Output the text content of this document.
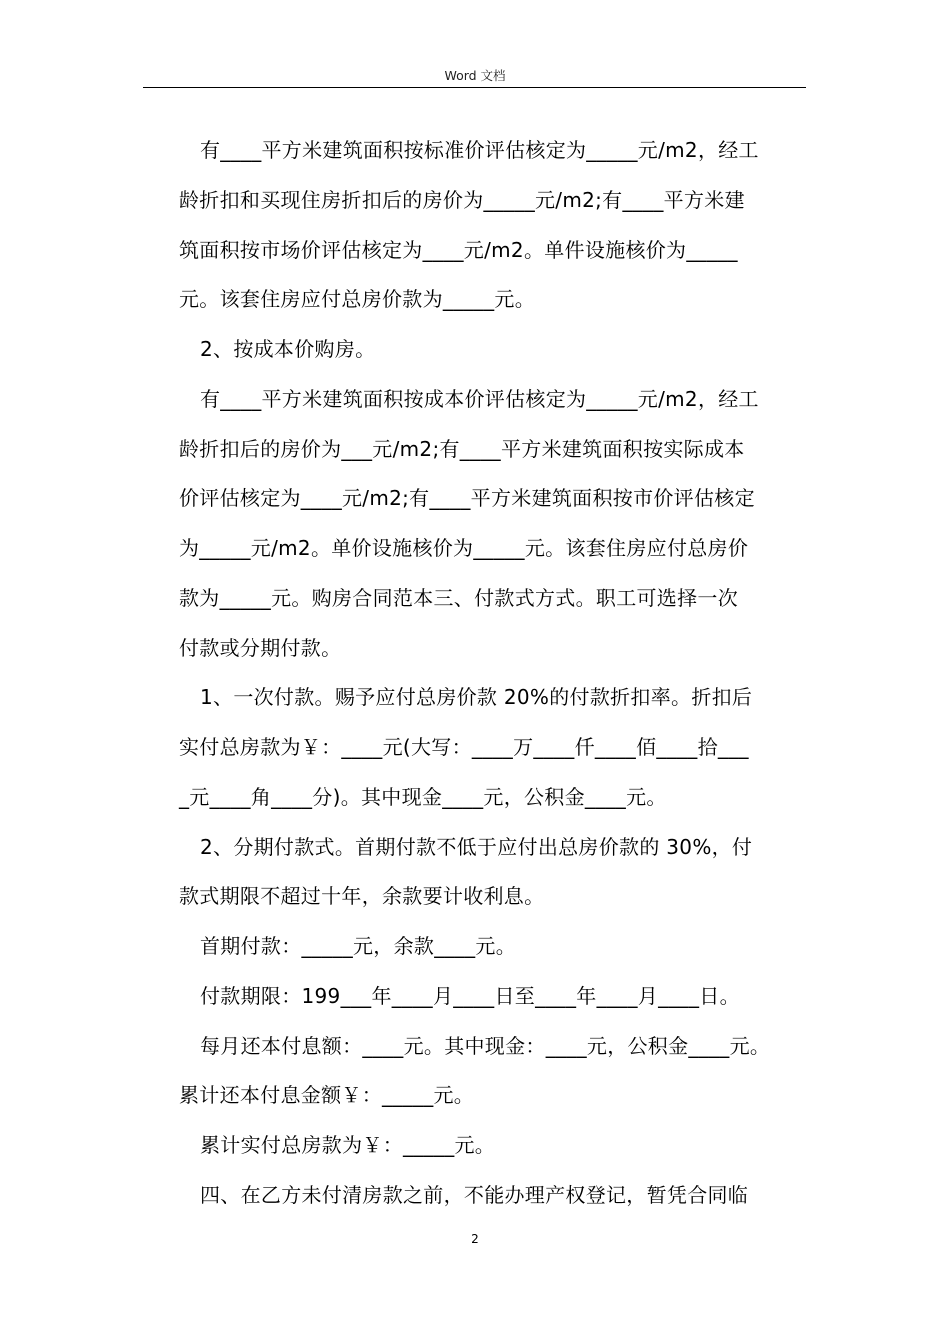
Word 文档
有____平方米建筑面积按标准价评估核定为_____元/m2，经工
龄折扣和买现住房折扣后的房价为_____元/m2;有____平方米建
筑面积按市场价评估核定为____元/m2。单件设施核价为_____
元。该套住房应付总房价款为_____元。
2、按成本价购房。
有____平方米建筑面积按成本价评估核定为_____元/m2，经工
龄折扣后的房价为___元/m2;有____平方米建筑面积按实际成本
价评估核定为____元/m2;有____平方米建筑面积按市价评估核定
为_____元/m2。单价设施核价为_____元。该套住房应付总房价
款为_____元。购房合同范本三、付款式方式。职工可选择一次
付款或分期付款。
1、一次付款。赐予应付总房价款 20%的付款折扣率。折扣后
实付总房款为￥：____元(大写：____万____仟____佰____拾___
_元____角____分)。其中现金____元，公积金____元。
2、分期付款式。首期付款不低于应付出总房价款的 30%，付
款式期限不超过十年，余款要计收利息。
首期付款：_____元，余款____元。
付款期限：199___年____月____日至____年____月____日。
每月还本付息额：____元。其中现金：____元，公积金____元。
累计还本付息金额￥：_____元。
累计实付总房款为￥：_____元。
四、在乙方未付清房款之前，不能办理产权登记，暂凭合同临
2
